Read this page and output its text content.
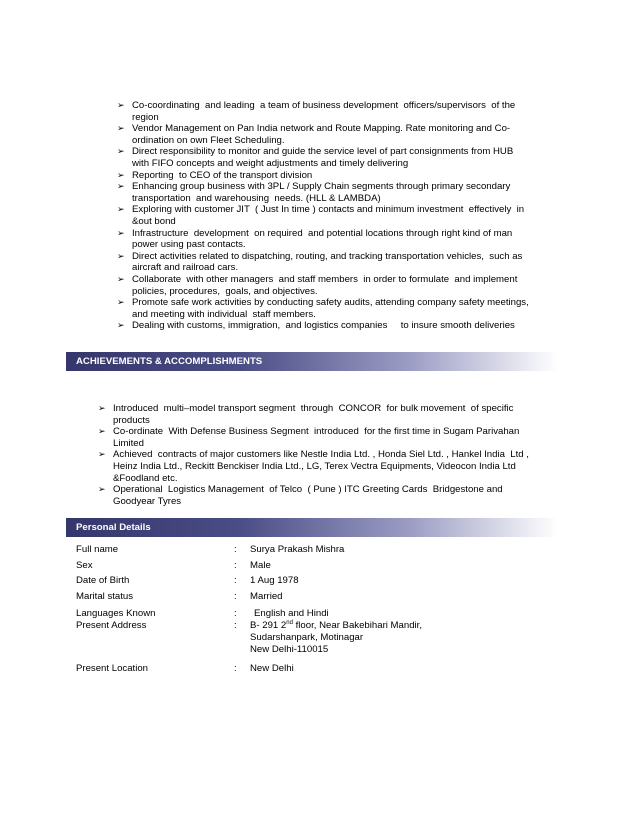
➢ Co-coordinating  and leading  a team of business development  officers/supervisors  of the
region
➢ Vendor Management on Pan India network and Route Mapping. Rate monitoring and Co-
ordination on own Fleet Scheduling.
➢ Direct responsibility to monitor and guide the service level of part consignments from HUB
with FIFO concepts and weight adjustments and timely delivering
➢ Reporting  to CEO of the transport division
➢ Enhancing group business with 3PL / Supply Chain segments through primary secondary
transportation  and warehousing  needs. (HLL & LAMBDA)
➢ Exploring with customer JIT  ( Just In time ) contacts and minimum investment  effectively  in
&out bond
➢ Infrastructure  development  on required  and potential locations through right kind of man
power using past contacts.
➢ Direct activities related to dispatching, routing, and tracking transportation vehicles,  such as
aircraft and railroad cars.
➢ Collaborate  with other managers  and staff members  in order to formulate  and implement
policies, procedures,  goals, and objectives.
➢ Promote safe work activities by conducting safety audits, attending company safety meetings,
and meeting with individual  staff members.
➢ Dealing with customs, immigration,  and logistics companies     to insure smooth deliveries
ACHIEVEMENTS & ACCOMPLISHMENTS
➢ Introduced  multi–model transport segment  through  CONCOR  for bulk movement  of specific
products
➢ Co-ordinate  With Defense Business Segment  introduced  for the first time in Sugam Parivahan
Limited
➢ Achieved  contracts of major customers like Nestle India Ltd. , Honda Siel Ltd. , Hankel India  Ltd ,
Heinz India Ltd., Reckitt Benckiser India Ltd., LG, Terex Vectra Equipments, Videocon India Ltd
&Foodland etc.
➢ Operational  Logistics Management  of Telco  ( Pune ) ITC Greeting Cards  Bridgestone and
Goodyear Tyres
Personal Details
Full name	: Surya Prakash Mishra
Sex	: Male
Date of Birth	: 1 Aug 1978
Marital status	: Married
Languages Known	: English and Hindi
Present Address	: B- 291 2nd floor, Near Bakebihari Mandir,
Sudarshanpark, Motinagar
New Delhi-110015
Present Location	: New Delhi
